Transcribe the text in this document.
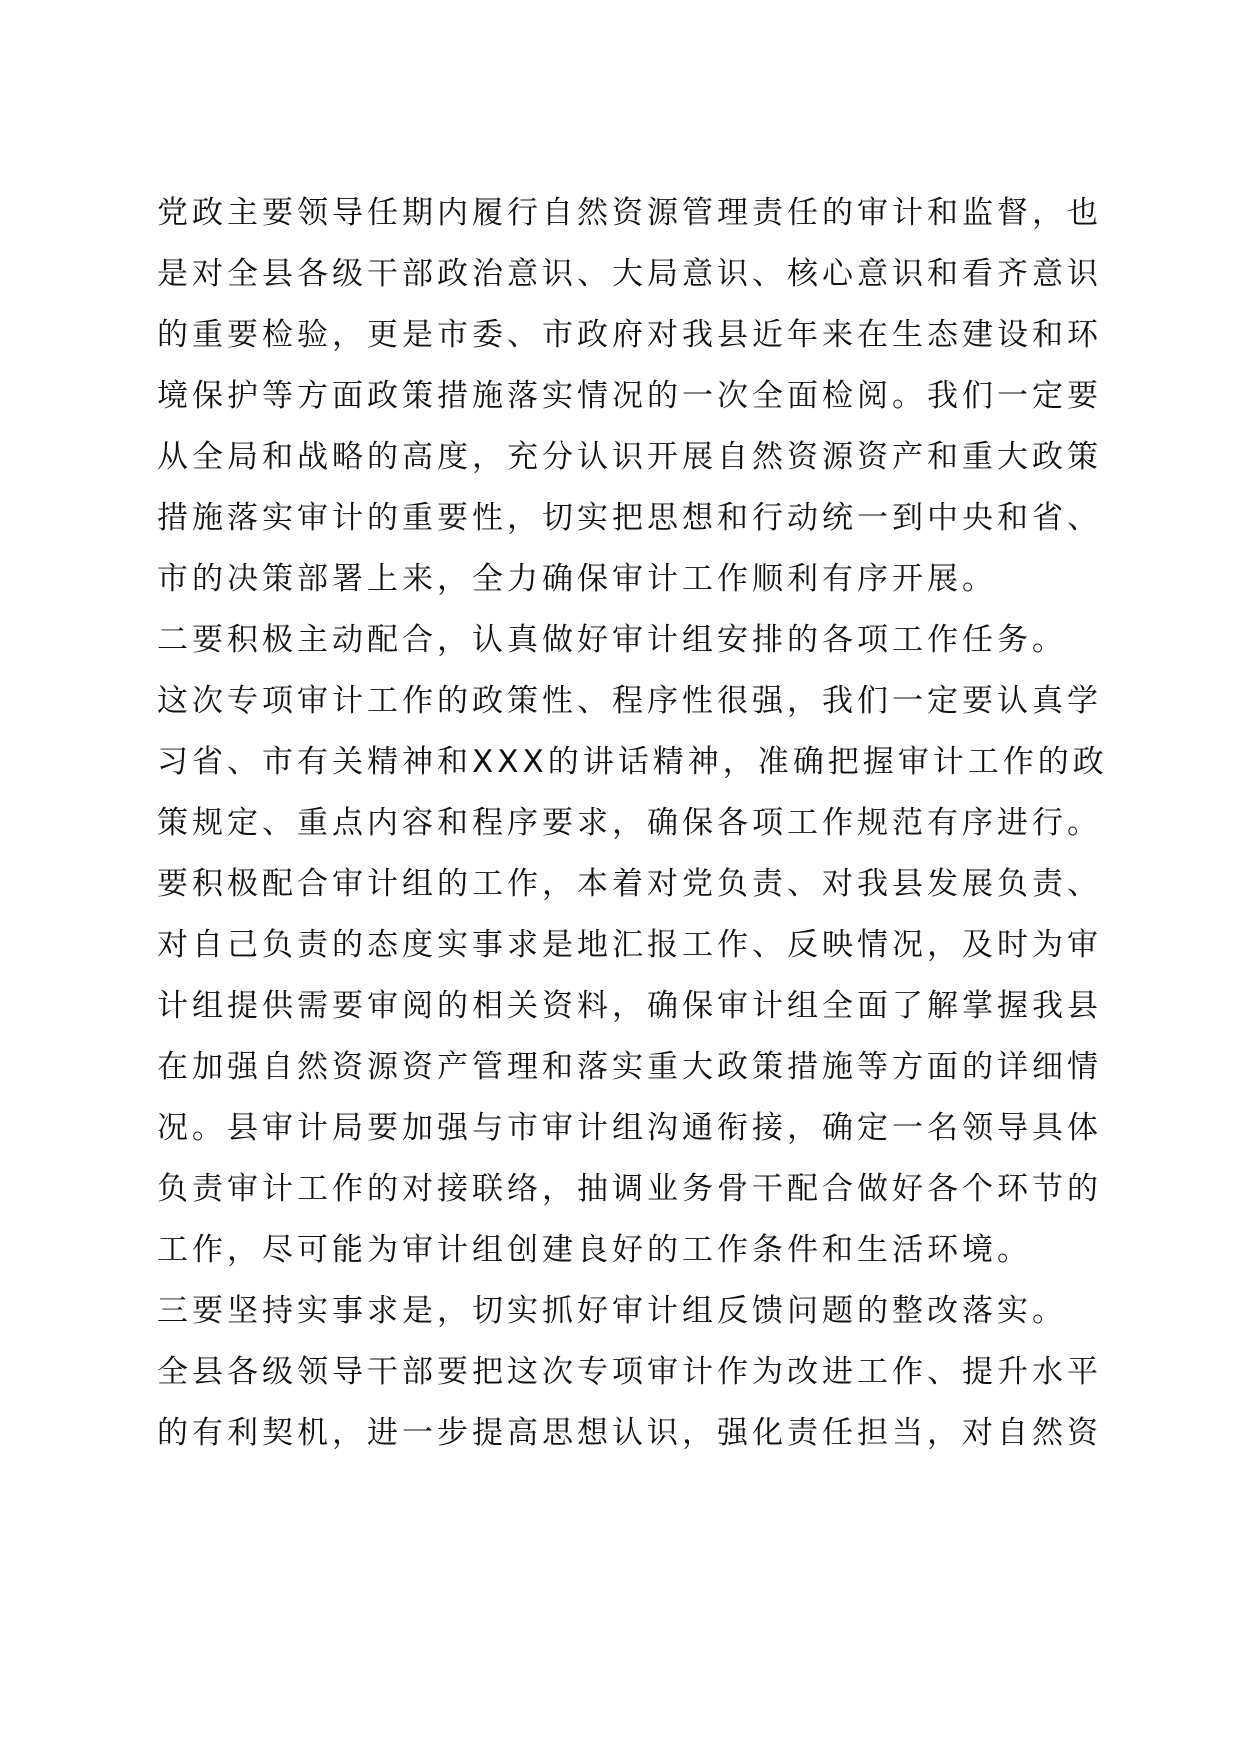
党政主要领导任期内履行自然资源管理责任的审计和监督，也
是对全县各级干部政治意识、大局意识、核心意识和看齐意识
的重要检验，更是市委、市政府对我县近年来在生态建设和环
境保护等方面政策措施落实情况的一次全面检阅。我们一定要
从全局和战略的高度，充分认识开展自然资源资产和重大政策
措施落实审计的重要性，切实把思想和行动统一到中央和省、
市的决策部署上来，全力确保审计工作顺利有序开展。
二要积极主动配合，认真做好审计组安排的各项工作任务。
这次专项审计工作的政策性、程序性很强，我们一定要认真学
习省、市有关精神和XXX的讲话精神，准确把握审计工作的政
策规定、重点内容和程序要求，确保各项工作规范有序进行。
要积极配合审计组的工作，本着对党负责、对我县发展负责、
对自己负责的态度实事求是地汇报工作、反映情况，及时为审
计组提供需要审阅的相关资料，确保审计组全面了解掌握我县
在加强自然资源资产管理和落实重大政策措施等方面的详细情
况。县审计局要加强与市审计组沟通衔接，确定一名领导具体
负责审计工作的对接联络，抽调业务骨干配合做好各个环节的
工作，尽可能为审计组创建良好的工作条件和生活环境。
三要坚持实事求是，切实抓好审计组反馈问题的整改落实。
全县各级领导干部要把这次专项审计作为改进工作、提升水平
的有利契机，进一步提高思想认识，强化责任担当，对自然资
